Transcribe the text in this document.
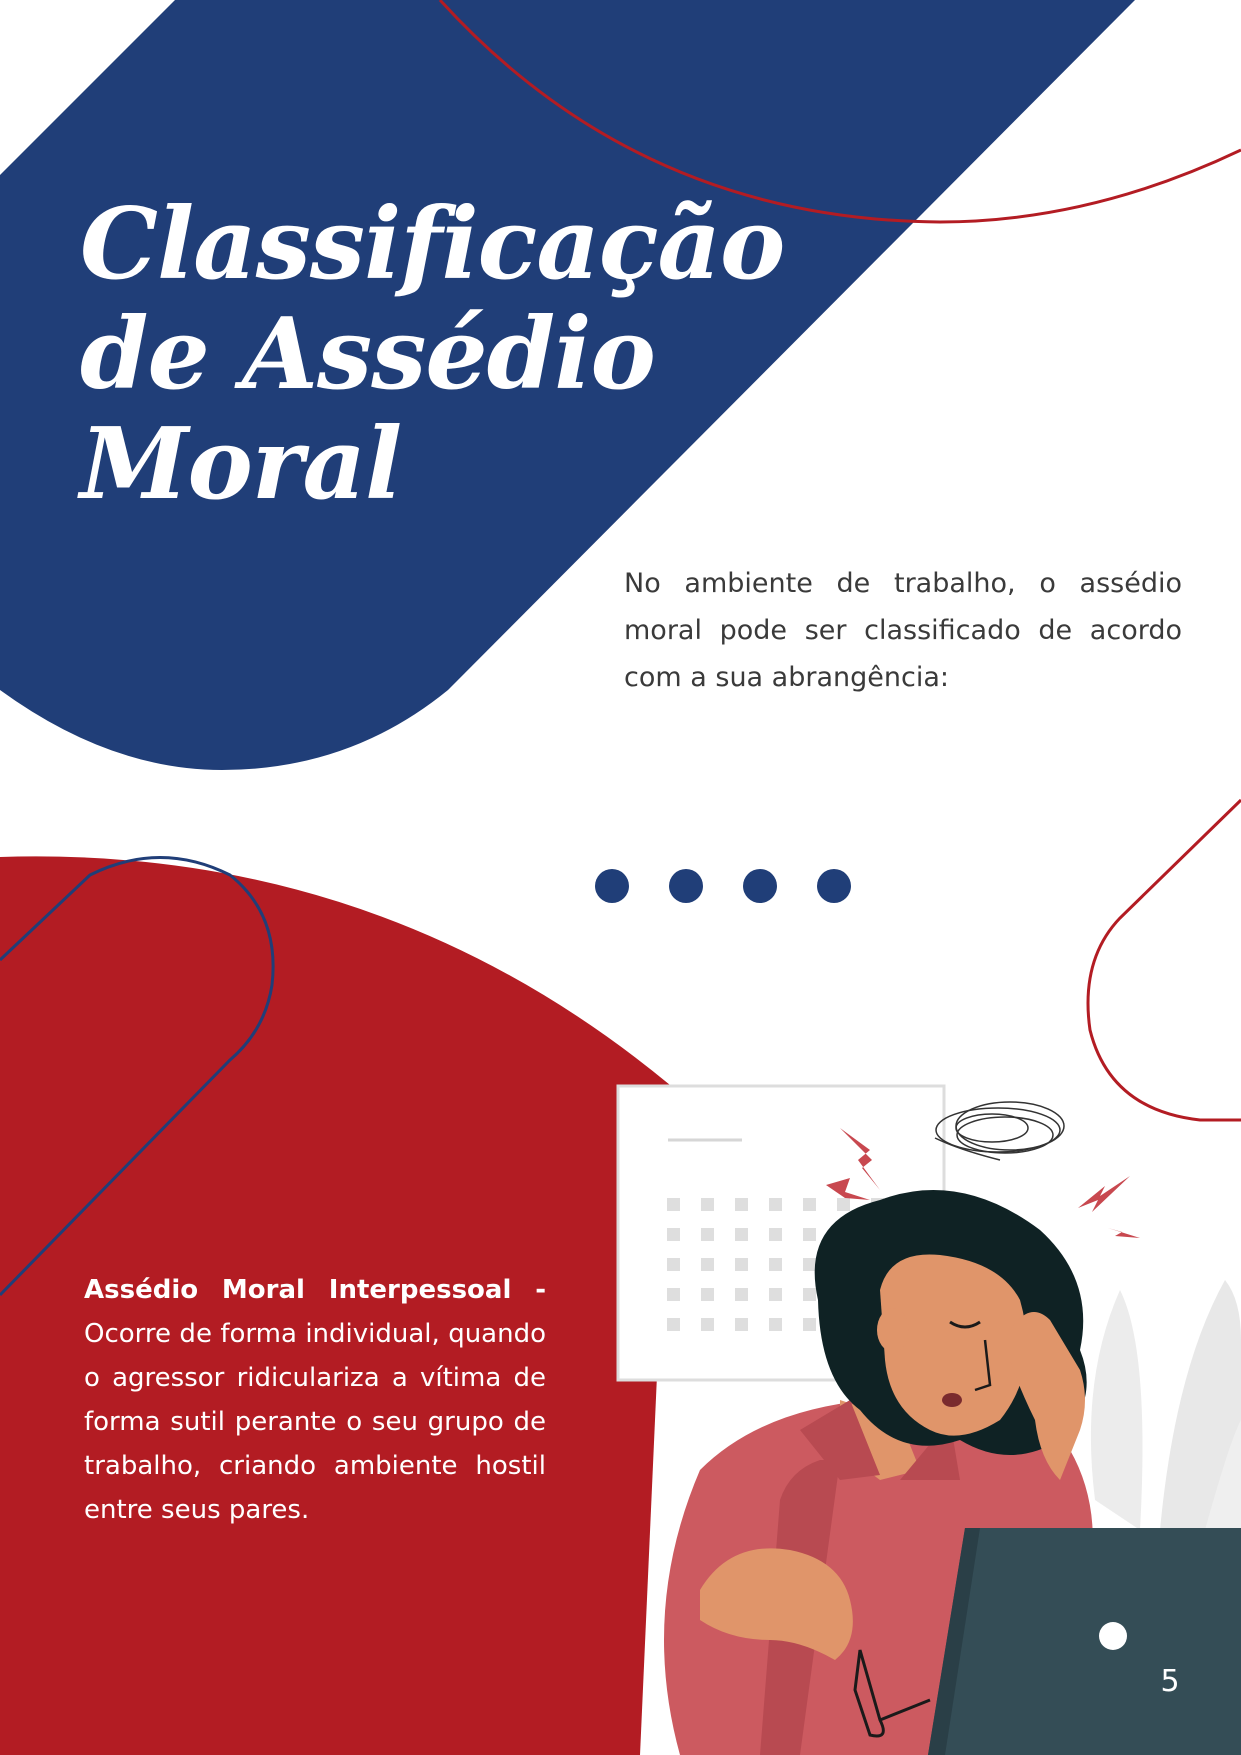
Classificação
de Assédio
Moral

No ambiente de trabalho, o assédio moral pode ser classificado de acordo com a sua abrangência:

Assédio Moral Interpessoal - Ocorre de forma individual, quando o agressor ridiculariza a vítima de forma sutil perante o seu grupo de trabalho, criando ambiente hostil entre seus pares.
5
